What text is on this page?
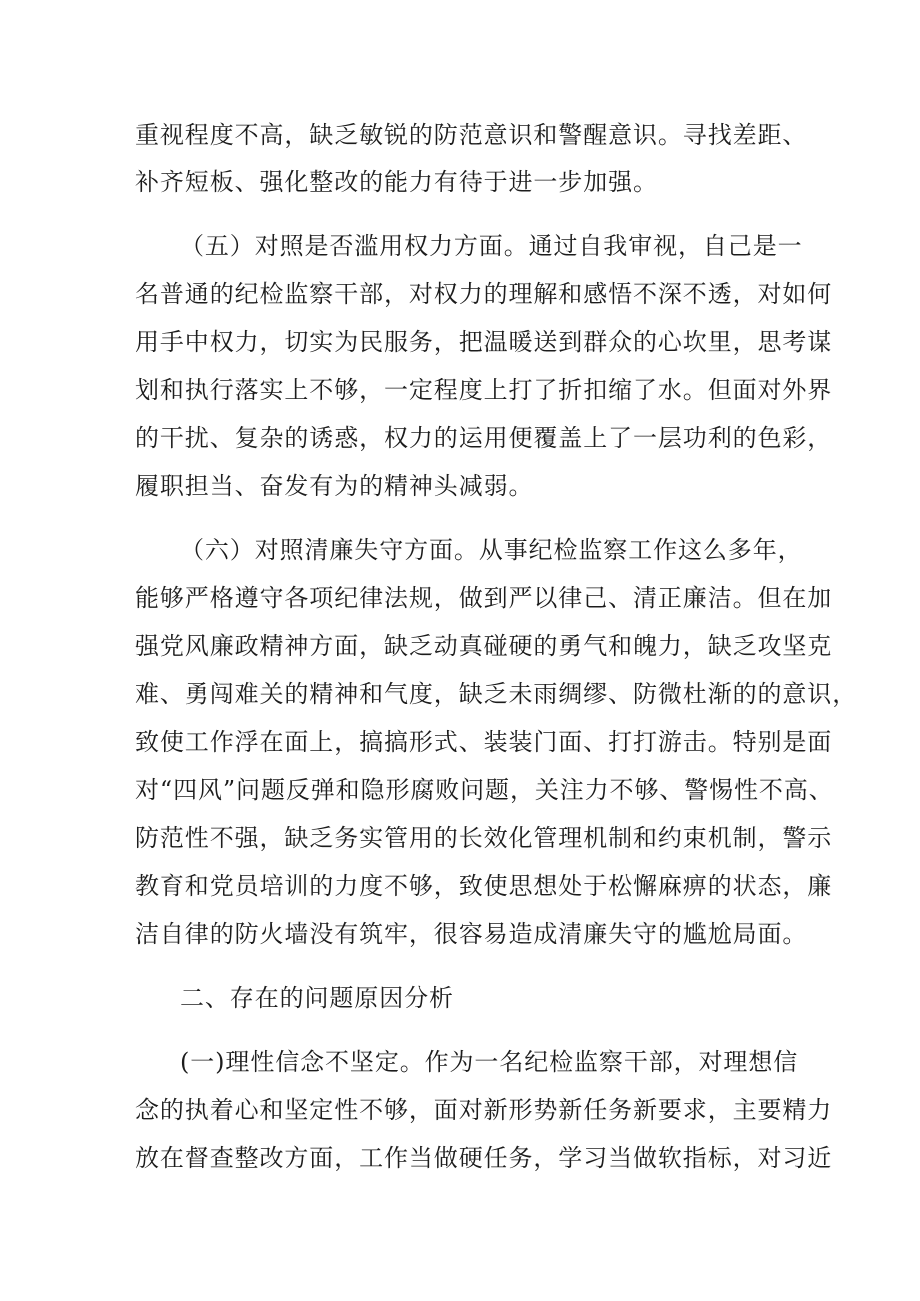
重视程度不高，缺乏敏锐的防范意识和警醒意识。寻找差距、
补齐短板、强化整改的能力有待于进一步加强。
（五）对照是否滥用权力方面。通过自我审视，自己是一
名普通的纪检监察干部，对权力的理解和感悟不深不透，对如何
用手中权力，切实为民服务，把温暖送到群众的心坎里，思考谋
划和执行落实上不够，一定程度上打了折扣缩了水。但面对外界
的干扰、复杂的诱惑，权力的运用便覆盖上了一层功利的色彩，
履职担当、奋发有为的精神头减弱。
（六）对照清廉失守方面。从事纪检监察工作这么多年，
能够严格遵守各项纪律法规，做到严以律己、清正廉洁。但在加
强党风廉政精神方面，缺乏动真碰硬的勇气和魄力，缺乏攻坚克
难、勇闯难关的精神和气度，缺乏未雨绸缪、防微杜渐的的意识，
致使工作浮在面上，搞搞形式、装装门面、打打游击。特别是面
对“四风”问题反弹和隐形腐败问题，关注力不够、警惕性不高、
防范性不强，缺乏务实管用的长效化管理机制和约束机制，警示
教育和党员培训的力度不够，致使思想处于松懈麻痹的状态，廉
洁自律的防火墙没有筑牢，很容易造成清廉失守的尴尬局面。
二、存在的问题原因分析
(一)理性信念不坚定。作为一名纪检监察干部，对理想信
念的执着心和坚定性不够，面对新形势新任务新要求，主要精力
放在督查整改方面，工作当做硬任务，学习当做软指标，对习近
